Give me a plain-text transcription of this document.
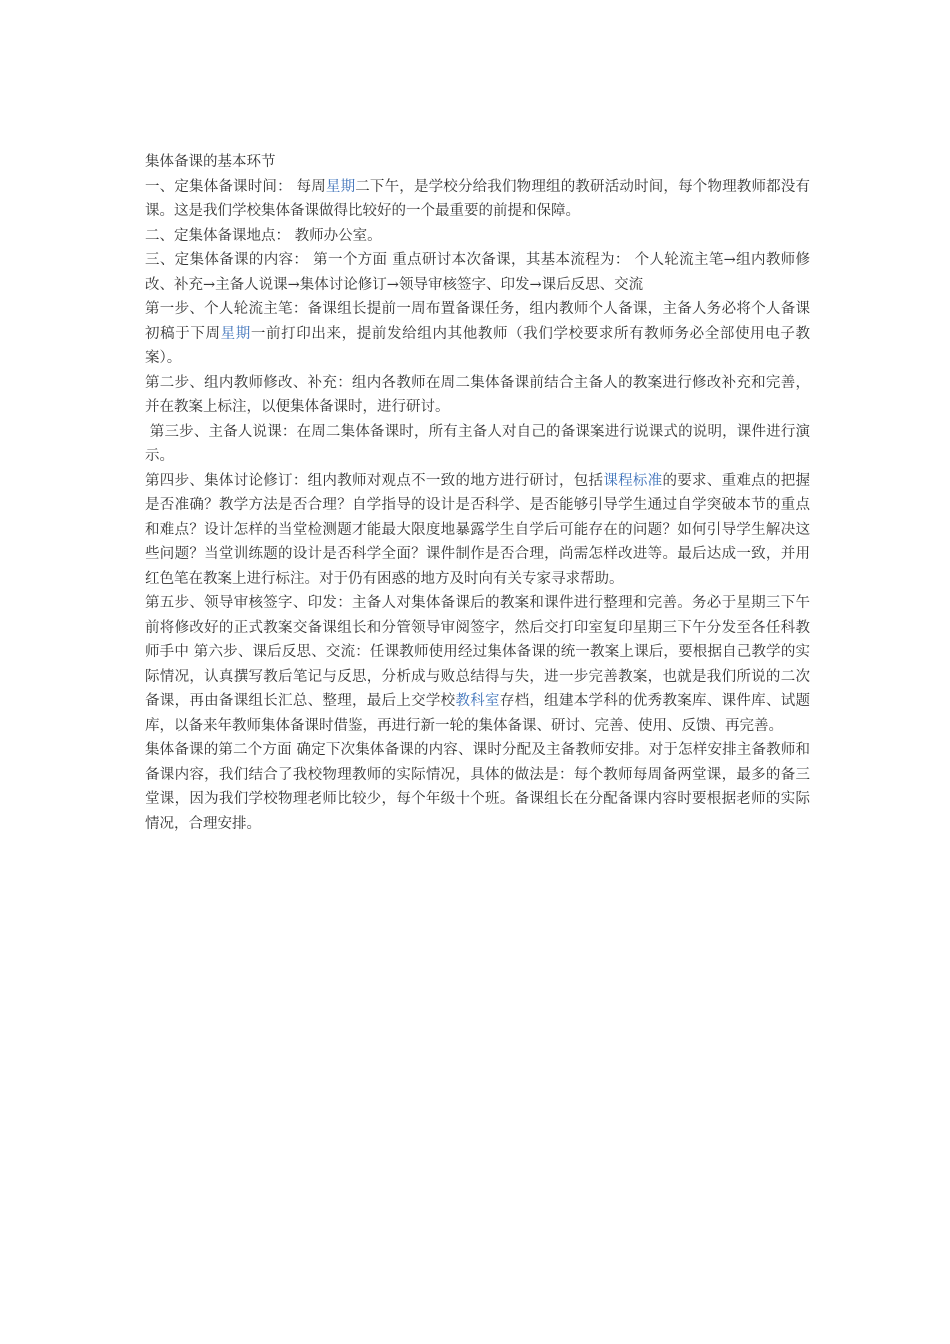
集体备课的基本环节

一、定集体备课时间： 每周星期二下午，是学校分给我们物理组的教研活动时间，每个物理教师都没有课。这是我们学校集体备课做得比较好的一个最重要的前提和保障。

二、定集体备课地点： 教师办公室。

三、定集体备课的内容： 第一个方面 重点研讨本次备课，其基本流程为： 个人轮流主笔→组内教师修改、补充→主备人说课→集体讨论修订→领导审核签字、印发→课后反思、交流

第一步、个人轮流主笔：备课组长提前一周布置备课任务，组内教师个人备课，主备人务必将个人备课初稿于下周星期一前打印出来，提前发给组内其他教师（我们学校要求所有教师务必全部使用电子教案）。

第二步、组内教师修改、补充：组内各教师在周二集体备课前结合主备人的教案进行修改补充和完善，并在教案上标注，以便集体备课时，进行研讨。

第三步、主备人说课：在周二集体备课时，所有主备人对自己的备课案进行说课式的说明，课件进行演示。

第四步、集体讨论修订：组内教师对观点不一致的地方进行研讨，包括课程标准的要求、重难点的把握是否准确？教学方法是否合理？自学指导的设计是否科学、是否能够引导学生通过自学突破本节的重点和难点？设计怎样的当堂检测题才能最大限度地暴露学生自学后可能存在的问题？如何引导学生解决这些问题？当堂训练题的设计是否科学全面？课件制作是否合理，尚需怎样改进等。最后达成一致，并用红色笔在教案上进行标注。对于仍有困惑的地方及时向有关专家寻求帮助。

第五步、领导审核签字、印发：主备人对集体备课后的教案和课件进行整理和完善。务必于星期三下午前将修改好的正式教案交备课组长和分管领导审阅签字，然后交打印室复印星期三下午分发至各任科教师手中 第六步、课后反思、交流：任课教师使用经过集体备课的统一教案上课后，要根据自己教学的实际情况，认真撰写教后笔记与反思，分析成与败总结得与失，进一步完善教案，也就是我们所说的二次备课，再由备课组长汇总、整理，最后上交学校教科室存档，组建本学科的优秀教案库、课件库、试题库，以备来年教师集体备课时借鉴，再进行新一轮的集体备课、研讨、完善、使用、反馈、再完善。

集体备课的第二个方面 确定下次集体备课的内容、课时分配及主备教师安排。对于怎样安排主备教师和备课内容，我们结合了我校物理教师的实际情况，具体的做法是：每个教师每周备两堂课，最多的备三堂课，因为我们学校物理老师比较少，每个年级十个班。备课组长在分配备课内容时要根据老师的实际情况，合理安排。
